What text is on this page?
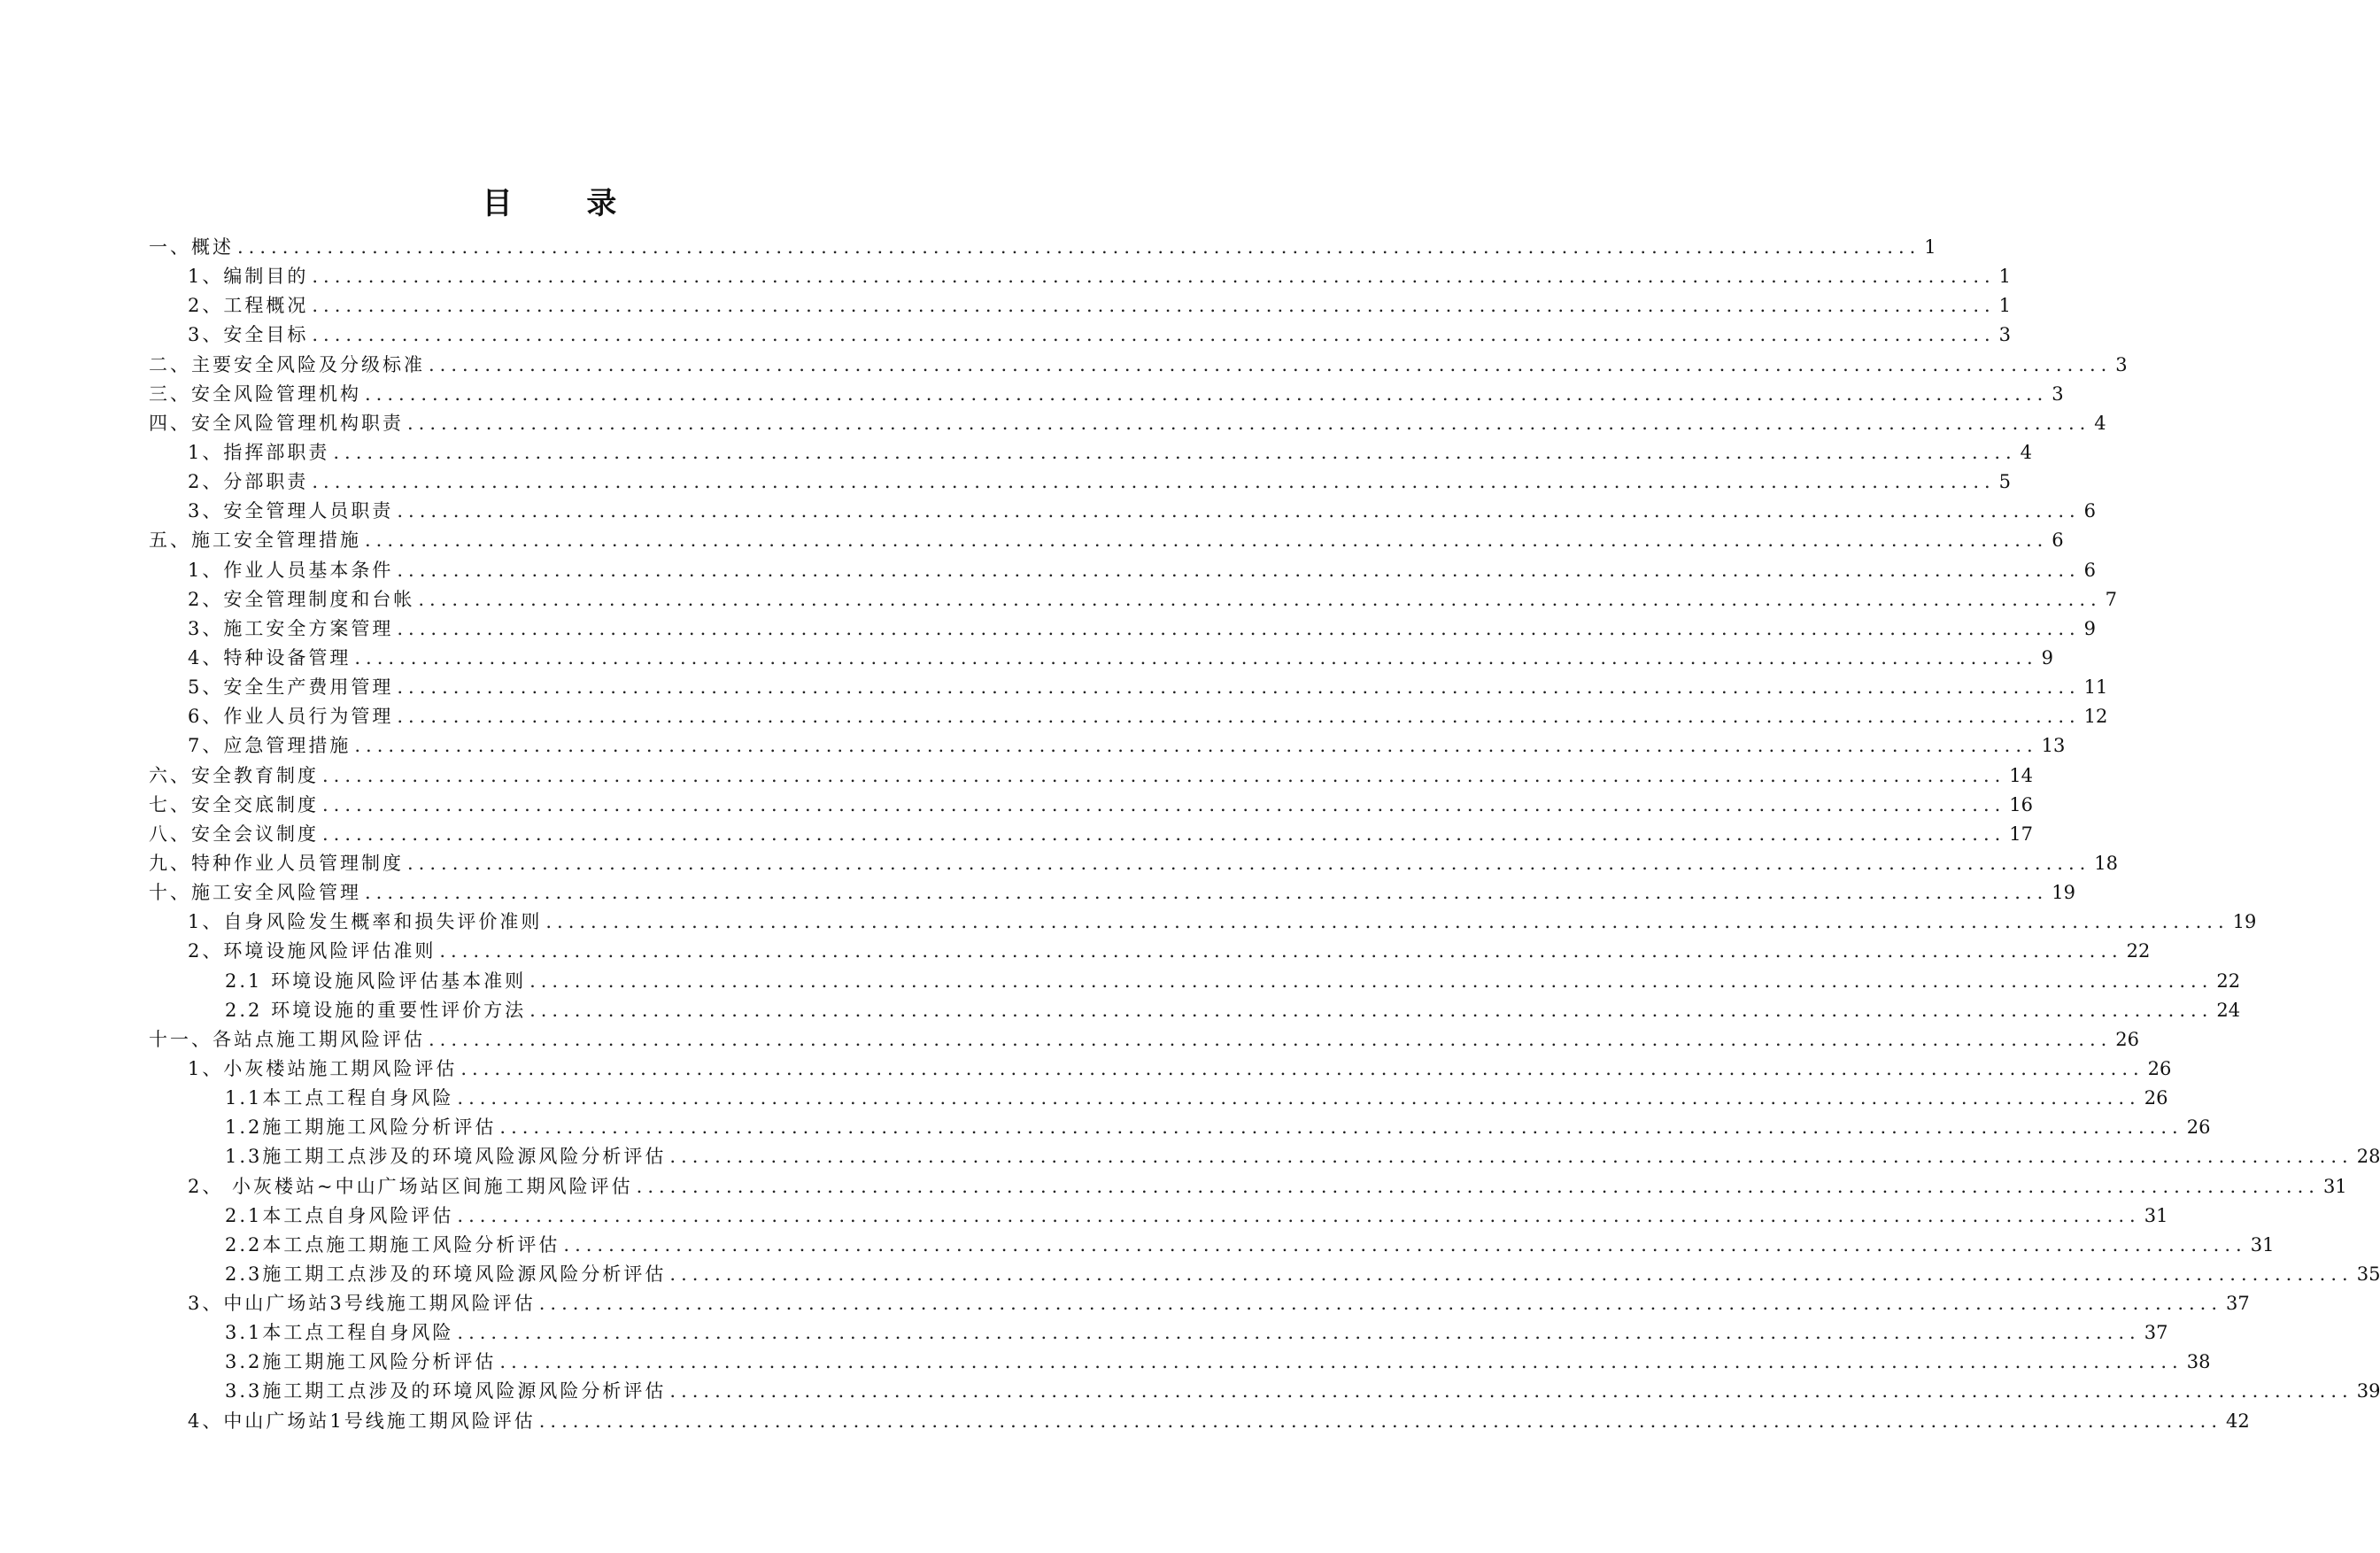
目 录
一、概述 ...................................................................................................................................................... 1
1、编制目的 ...................................................................................................................................................... 1
2、工程概况 ...................................................................................................................................................... 1
3、安全目标 ...................................................................................................................................................... 3
二、主要安全风险及分级标准 ...................................................................................................................................................... 3
三、安全风险管理机构 ...................................................................................................................................................... 3
四、安全风险管理机构职责 ...................................................................................................................................................... 4
1、指挥部职责 ...................................................................................................................................................... 4
2、分部职责 ...................................................................................................................................................... 5
3、安全管理人员职责 ...................................................................................................................................................... 6
五、施工安全管理措施 ...................................................................................................................................................... 6
1、作业人员基本条件 ...................................................................................................................................................... 6
2、安全管理制度和台帐 ...................................................................................................................................................... 7
3、施工安全方案管理 ...................................................................................................................................................... 9
4、特种设备管理 ...................................................................................................................................................... 9
5、安全生产费用管理 ...................................................................................................................................................... 11
6、作业人员行为管理 ...................................................................................................................................................... 12
7、应急管理措施 ...................................................................................................................................................... 13
六、安全教育制度 ...................................................................................................................................................... 14
七、安全交底制度 ...................................................................................................................................................... 16
八、安全会议制度 ...................................................................................................................................................... 17
九、特种作业人员管理制度 ...................................................................................................................................................... 18
十、施工安全风险管理 ...................................................................................................................................................... 19
1、自身风险发生概率和损失评价准则 ...................................................................................................................................................... 19
2、环境设施风险评估准则 ...................................................................................................................................................... 22
2.1 环境设施风险评估基本准则 ...................................................................................................................................................... 22
2.2 环境设施的重要性评价方法 ...................................................................................................................................................... 24
十一、各站点施工期风险评估 ...................................................................................................................................................... 26
1、小灰楼站施工期风险评估 ...................................................................................................................................................... 26
1.1本工点工程自身风险 ...................................................................................................................................................... 26
1.2施工期施工风险分析评估 ...................................................................................................................................................... 26
1.3施工期工点涉及的环境风险源风险分析评估 ...................................................................................................................................................... 28
2、 小灰楼站~中山广场站区间施工期风险评估 ...................................................................................................................................................... 31
2.1本工点自身风险评估 ...................................................................................................................................................... 31
2.2本工点施工期施工风险分析评估 ...................................................................................................................................................... 31
2.3施工期工点涉及的环境风险源风险分析评估 ...................................................................................................................................................... 35
3、中山广场站3号线施工期风险评估 ...................................................................................................................................................... 37
3.1本工点工程自身风险 ...................................................................................................................................................... 37
3.2施工期施工风险分析评估 ...................................................................................................................................................... 38
3.3施工期工点涉及的环境风险源风险分析评估 ...................................................................................................................................................... 39
4、中山广场站1号线施工期风险评估 ...................................................................................................................................................... 42
